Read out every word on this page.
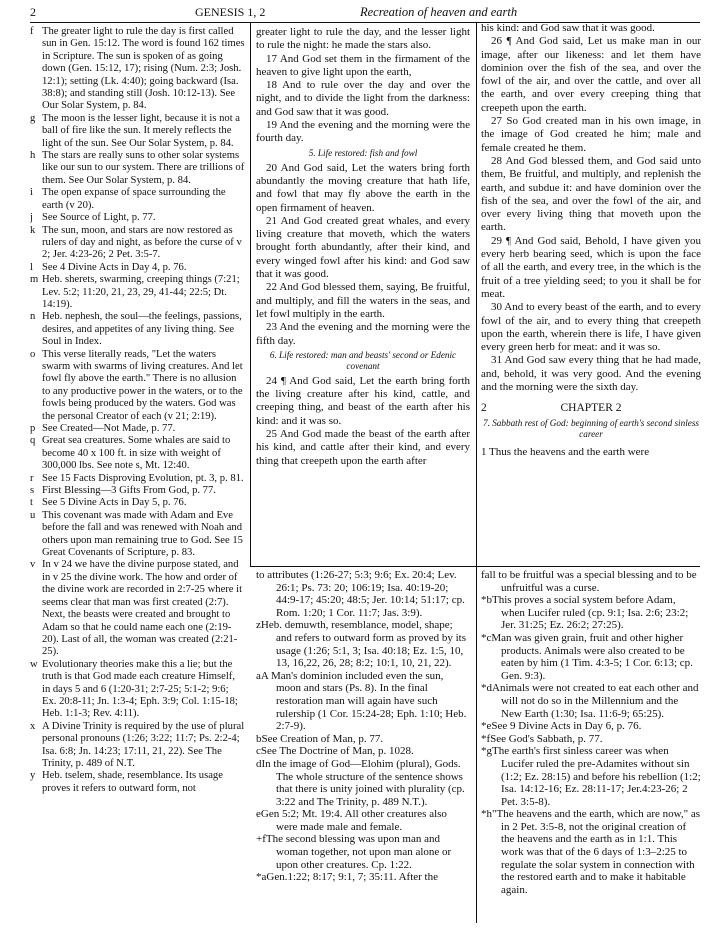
2	GENESIS 1, 2	Recreation of heaven and earth
f The greater light to rule the day is first called sun in Gen. 15:12. The word is found 162 times in Scripture. The sun is spoken of as going down (Gen. 15:12, 17); rising (Num. 2:3; Josh. 12:1); setting (Lk. 4:40); going backward (Isa. 38:8); and standing still (Josh. 10:12-13). See Our Solar System, p. 84.
g The moon is the lesser light, because it is not a ball of fire like the sun. It merely reflects the light of the sun. See Our Solar System, p. 84.
h The stars are really suns to other solar systems like our sun to our system. There are trillions of them. See Our Solar System, p. 84.
i The open expanse of space surrounding the earth (v 20).
j See Source of Light, p. 77.
k The sun, moon, and stars are now restored as rulers of day and night, as before the curse of v 2; Jer. 4:23-26; 2 Pet. 3:5-7.
l See 4 Divine Acts in Day 4, p. 76.
m Heb. sherets, swarming, creeping things (7:21; Lev. 5:2; 11:20, 21, 23, 29, 41-44; 22:5; Dt. 14:19).
n Heb. nephesh, the soul—the feelings, passions, desires, and appetites of any living thing. See Soul in Index.
o This verse literally reads, "Let the waters swarm with swarms of living creatures. And let fowl fly above the earth." There is no allusion to any productive power in the waters, or to the fowls being produced by the waters. God was the personal Creator of each (v 21; 2:19).
p See Created—Not Made, p. 77.
q Great sea creatures. Some whales are said to become 40 x 100 ft. in size with weight of 300,000 lbs. See note s, Mt. 12:40.
r See 15 Facts Disproving Evolution, pt. 3, p. 81.
s First Blessing—3 Gifts From God, p. 77.
t See 5 Divine Acts in Day 5, p. 76.
u This covenant was made with Adam and Eve before the fall and was renewed with Noah and others upon man remaining true to God. See 15 Great Covenants of Scripture, p. 83.
v In v 24 we have the divine purpose stated, and in v 25 the divine work. The how and order of the divine work are recorded in 2:7-25 where it seems clear that man was first created (2:7). Next, the beasts were created and brought to Adam so that he could name each one (2:19-20). Last of all, the woman was created (2:21-25).
w Evolutionary theories make this a lie; but the truth is that God made each creature Himself, in days 5 and 6 (1:20-31; 2:7-25; 5:1-2; 9:6; Ex. 20:8-11; Jn. 1:3-4; Eph. 3:9; Col. 1:15-18; Heb. 1:1-3; Rev. 4:11).
x A Divine Trinity is required by the use of plural personal pronouns (1:26; 3:22; 11:7; Ps. 2:2-4; Isa. 6:8; Jn. 14:23; 17:11, 21, 22). See The Trinity, p. 489 of N.T.
y Heb. tselem, shade, resemblance. Its usage proves it refers to outward form, not
greater light to rule the day, and the lesser light to rule the night: he made the stars also.
17 And God set them in the firmament of the heaven to give light upon the earth,
18 And to rule over the day and over the night, and to divide the light from the darkness: and God saw that it was good.
19 And the evening and the morning were the fourth day.
5. Life restored: fish and fowl
20 And God said, Let the waters bring forth abundantly the moving creature that hath life, and fowl that may fly above the earth in the open firmament of heaven.
21 And God created great whales, and every living creature that moveth, which the waters brought forth abundantly, after their kind, and every winged fowl after his kind: and God saw that it was good.
22 And God blessed them, saying, Be fruitful, and multiply, and fill the waters in the seas, and let fowl multiply in the earth.
23 And the evening and the morning were the fifth day.
6. Life restored: man and beasts' second or Edenic covenant
24 ¶ And God said, Let the earth bring forth the living creature after his kind, cattle, and creeping thing, and beast of the earth after his kind: and it was so.
25 And God made the beast of the earth after his kind, and cattle after their kind, and every thing that creepeth upon the earth after
his kind: and God saw that it was good.
26 ¶ And God said, Let us make man in our image, after our likeness: and let them have dominion over the fish of the sea, and over the fowl of the air, and over the cattle, and over all the earth, and over every creeping thing that creepeth upon the earth.
27 So God created man in his own image, in the image of God created he him; male and female created he them.
28 And God blessed them, and God said unto them, Be fruitful, and multiply, and replenish the earth, and subdue it: and have dominion over the fish of the sea, and over the fowl of the air, and over every living thing that moveth upon the earth.
29 ¶ And God said, Behold, I have given you every herb bearing seed, which is upon the face of all the earth, and every tree, in the which is the fruit of a tree yielding seed; to you it shall be for meat.
30 And to every beast of the earth, and to every fowl of the air, and to every thing that creepeth upon the earth, wherein there is life, I have given every green herb for meat: and it was so.
31 And God saw every thing that he had made, and, behold, it was very good. And the evening and the morning were the sixth day.
2	CHAPTER 2
7. Sabbath rest of God: beginning of earth's second sinless career
1 Thus the heavens and the earth were
to attributes (1:26-27; 5:3; 9:6; Ex. 20:4; Lev. 26:1; Ps. 73: 20; 106:19; Isa. 40:19-20; 44:9-17; 45:20; 48:5; Jer. 10:14; 51:17; cp. Rom. 1:20; 1 Cor. 11:7; Jas. 3:9).
zHeb. demuwth, resemblance, model, shape; and refers to outward form as proved by its usage (1:26; 5:1, 3; Isa. 40:18; Ez. 1:5, 10, 13, 16,22, 26, 28; 8:2; 10:1, 10, 21, 22).
aA Man's dominion included even the sun, moon and stars (Ps. 8). In the final restoration man will again have such rulership (1 Cor. 15:24-28; Eph. 1:10; Heb. 2:7-9).
bSee Creation of Man, p. 77.
cSee The Doctrine of Man, p. 1028.
dIn the image of God—Elohim (plural), Gods. The whole structure of the sentence shows that there is unity joined with plurality (cp. 3:22 and The Trinity, p. 489 N.T.).
eGen 5:2; Mt. 19:4. All other creatures also were made male and female.
+fThe second blessing was upon man and woman together, not upon man alone or upon other creatures. Cp. 1:22.
*aGen.1:22; 8:17; 9:1, 7; 35:11. After the
fall to be fruitful was a special blessing and to be unfruitful was a curse.
*bThis proves a social system before Adam, when Lucifer ruled (cp. 9:1; Isa. 2:6; 23:2; Jer. 31:25; Ez. 26:2; 27:25).
*cMan was given grain, fruit and other higher products. Animals were also created to be eaten by him (1 Tim. 4:3-5; 1 Cor. 6:13; cp. Gen. 9:3).
*dAnimals were not created to eat each other and will not do so in the Millennium and the New Earth (1:30; Isa. 11:6-9; 65:25).
*eSee 9 Divine Acts in Day 6, p. 76.
*fSee God's Sabbath, p. 77.
*gThe earth's first sinless career was when Lucifer ruled the pre-Adamites without sin (1:2; Ez. 28:15) and before his rebellion (1:2; Isa. 14:12-16; Ez. 28:11-17; Jer.4:23-26; 2 Pet. 3:5-8).
*h"The heavens and the earth, which are now," as in 2 Pet. 3:5-8, not the original creation of the heavens and the earth as in 1:1. This work was that of the 6 days of 1:3–2:25 to regulate the solar system in connection with the restored earth and to make it habitable again.
